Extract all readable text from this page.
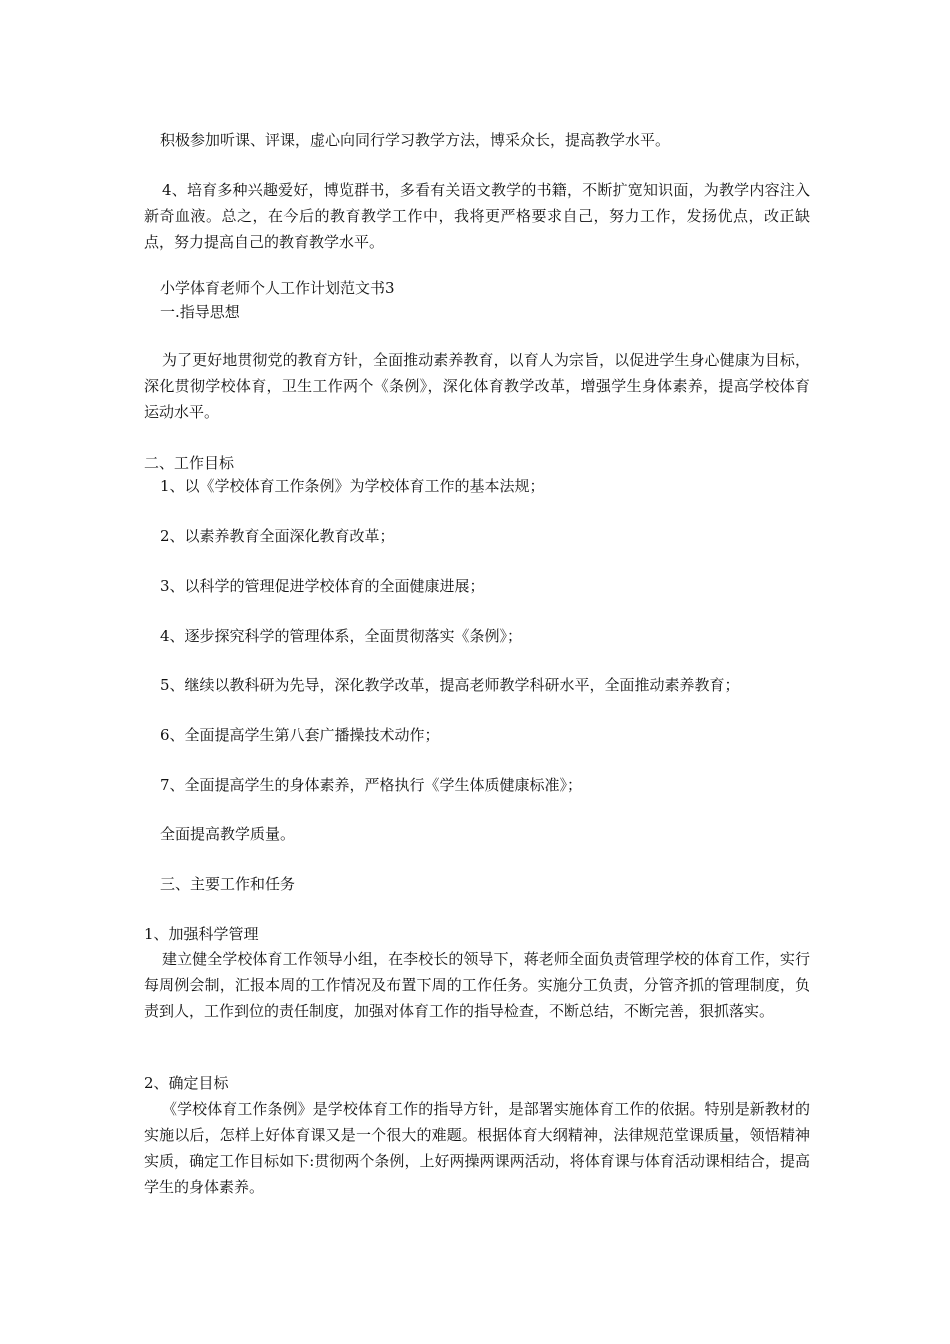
积极参加听课、评课，虚心向同行学习教学方法，博采众长，提高教学水平。
4、培育多种兴趣爱好，博览群书，多看有关语文教学的书籍，不断扩宽知识面，为教学内容注入新奇血液。总之，在今后的教育教学工作中，我将更严格要求自己，努力工作，发扬优点，改正缺点，努力提高自己的教育教学水平。
小学体育老师个人工作计划范文书3
一.指导思想
为了更好地贯彻党的教育方针，全面推动素养教育，以育人为宗旨，以促进学生身心健康为目标，深化贯彻学校体育，卫生工作两个《条例》，深化体育教学改革，增强学生身体素养，提高学校体育运动水平。
二、工作目标
1、以《学校体育工作条例》为学校体育工作的基本法规；
2、以素养教育全面深化教育改革；
3、以科学的管理促进学校体育的全面健康进展；
4、逐步探究科学的管理体系，全面贯彻落实《条例》；
5、继续以教科研为先导，深化教学改革，提高老师教学科研水平，全面推动素养教育；
6、全面提高学生第八套广播操技术动作；
7、全面提高学生的身体素养，严格执行《学生体质健康标准》；
全面提高教学质量。
三、主要工作和任务
1、加强科学管理
建立健全学校体育工作领导小组，在李校长的领导下，蒋老师全面负责管理学校的体育工作，实行每周例会制，汇报本周的工作情况及布置下周的工作任务。实施分工负责，分管齐抓的管理制度，负责到人，工作到位的责任制度，加强对体育工作的指导检查，不断总结，不断完善，狠抓落实。
2、确定目标
《学校体育工作条例》是学校体育工作的指导方针，是部署实施体育工作的依据。特别是新教材的实施以后，怎样上好体育课又是一个很大的难题。根据体育大纲精神，法律规范堂课质量，领悟精神实质，确定工作目标如下:贯彻两个条例，上好两操两课两活动，将体育课与体育活动课相结合，提高学生的身体素养。
